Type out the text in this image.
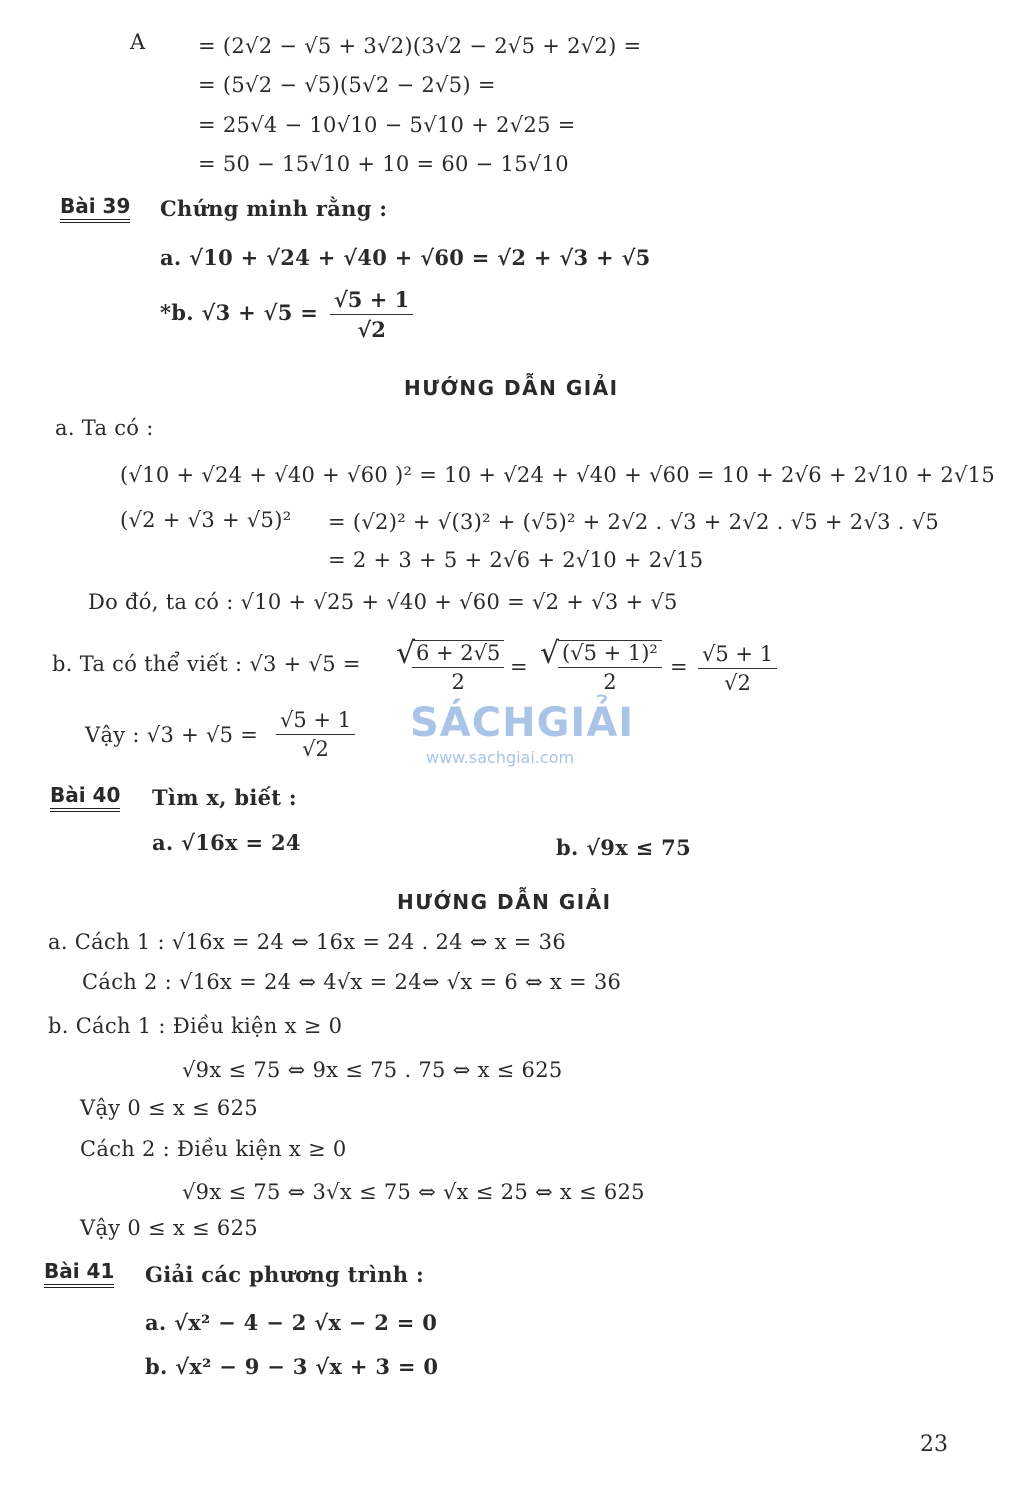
A	= (2√2 − √5 + 3√2)(3√2 − 2√5 + 2√2) =
= (5√2 − √5)(5√2 − 2√5) =
= 25√4 − 10√10 − 5√10 + 2√25 =
= 50 − 15√10 + 10 = 60 − 15√10
Bài 39 Chứng minh rằng :
a. √10 + √24 + √40 + √60 = √2 + √3 + √5
*b. $√3 + √5 = \frac{√5 + 1}{√2}$
HƯỚNG DẪN GIẢI
a. Ta có :
(√10 + √24 + √40 + √60 )² = 10 + √24 + √40 + √60 = 10 + 2√6 + 2√10 + 2√15
(√2 + √3 + √5)² = (√2)² + √(3)² + (√5)² + 2√2 . √3 + 2√2 . √5 + 2√3 . √5
= 2 + 3 + 5 + 2√6 + 2√10 + 2√15
Do đó, ta có : √10 + √25 + √40 + √60 = √2 + √3 + √5
b. Ta có thể viết : √3 + √5 = √
$\frac{6 + 2√5}{2}$ = √
$\frac{\text{(√5 + 1)²}}{2} = \frac{√5 + 1}{√2}$
Vậy : $√3 + √5 = \frac{√5 + 1}{√2}$ SÁCHGIẢI
www.sachgiai.com
Bài 40 Tìm x, biết :
a. √16x = 24	b. √9x ≤ 75
HƯỚNG DẪN GIẢI
a. Cách 1 : √16x = 24 ⇔ 16x = 24 . 24 ⇔ x = 36
Cách 2 : √16x = 24 ⇔ 4√x = 24⇔ √x = 6 ⇔ x = 36
b. Cách 1 : Điều kiện x ≥ 0
√9x ≤ 75 ⇔ 9x ≤ 75 . 75 ⇔ x ≤ 625
Vậy 0 ≤ x ≤ 625
Cách 2 : Điều kiện x ≥ 0
√9x ≤ 75 ⇔ 3√x ≤ 75 ⇔ √x ≤ 25 ⇔ x ≤ 625
Vậy 0 ≤ x ≤ 625
Bài 41 Giải các phương trình :
a. √x² − 4 − 2 √x − 2 = 0
b. √x² − 9 − 3 √x + 3 = 0
23
